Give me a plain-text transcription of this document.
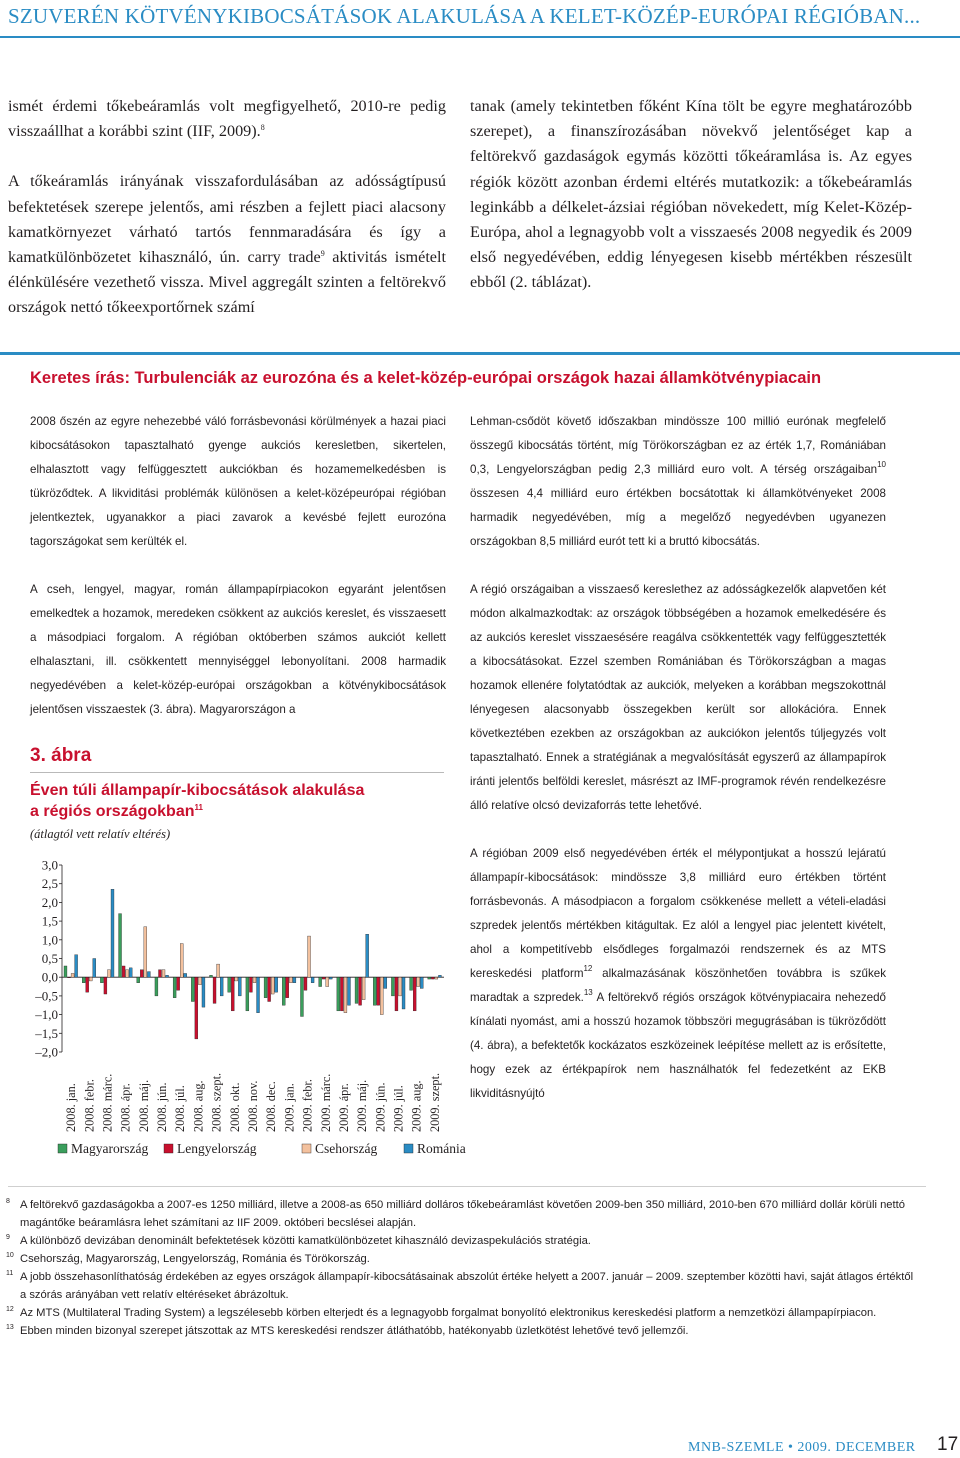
SZUVERÉN KÖTVÉNYKIBOCSÁTÁSOK ALAKULÁSA A KELET-KÖZÉP-EURÓPAI RÉGIÓBAN...

ismét érdemi tőkebeáramlás volt megfigyelhető, 2010-re pedig visszaállhat a korábbi szint (IIF, 2009).$^8$

A tőkeáramlás irányának visszafordulásában az adósságtípusú befektetések szerepe jelentős, ami részben a fejlett piaci alacsony kamatkörnyezet várható tartós fennmaradására és így a kamatkülönbözetet kihasználó, ún. carry trade$^9$ aktivitás ismételt élénkülésére vezethető vissza. Mivel aggregált szinten a feltörekvő országok nettó tőkeexportőrnek számí

tanak (amely tekintetben főként Kína tölt be egyre meghatározóbb szerepet), a finanszírozásában növekvő jelentőséget kap a feltörekvő gazdaságok egymás közötti tőkeáramlása is. Az egyes régiók között azonban érdemi eltérés mutatkozik: a tőkebeáramlás leginkább a délkelet-ázsiai régióban növekedett, míg Kelet-Közép-Európa, ahol a legnagyobb volt a visszaesés 2008 negyedik és 2009 első negyedévében, eddig lényegesen kisebb mértékben részesült ebből (2. táblázat).

Keretes írás: Turbulenciák az eurozóna és a kelet-közép-európai országok hazai államkötvénypiacain

2008 őszén az egyre nehezebbé váló forrásbevonási körülmények a hazai piaci kibocsátásokon tapasztalható gyenge aukciós keresletben, sikertelen, elhalasztott vagy felfüggesztett aukciókban és hozamemelkedésben is tükröződtek. A likviditási problémák különösen a kelet-középeurópai régióban jelentkeztek, ugyanakkor a piaci zavarok a kevésbé fejlett eurozóna tagországokat sem kerülték el.

A cseh, lengyel, magyar, román állampapírpiacokon egyaránt jelentősen emelkedtek a hozamok, meredeken csökkent az aukciós kereslet, és visszaesett a másodpiaci forgalom. A régióban októberben számos aukciót kellett elhalasztani, ill. csökkentett mennyiséggel lebonyolítani. 2008 harmadik negyedévében a kelet-közép-európai országokban a kötvénykibocsátások jelentősen visszaestek (3. ábra). Magyarországon a

Lehman-csődöt követő időszakban mindössze 100 millió eurónak megfelelő összegű kibocsátás történt, míg Törökországban ez az érték 1,7, Romániában 0,3, Lengyelországban pedig 2,3 milliárd euro volt. A térség országaiban$^{10}$ összesen 4,4 milliárd euro értékben bocsátottak ki államkötvényeket 2008 harmadik negyedévében, míg a megelőző negyedévben ugyanezen országokban 8,5 milliárd eurót tett ki a bruttó kibocsátás.

A régió országaiban a visszaeső kereslethez az adósságkezelők alapvetően két módon alkalmazkodtak: az országok többségében a hozamok emelkedésére és az aukciós kereslet visszaesésére reagálva csökkentették vagy felfüggesztették a kibocsátásokat. Ezzel szemben Romániában és Törökországban a magas hozamok ellenére folytatódtak az aukciók, melyeken a korábban megszokottnál lényegesen alacsonyabb összegekben került sor allokációra. Ennek következtében ezekben az országokban az aukciókon jelentős túljegyzés volt tapasztalható. Ennek a stratégiának a megvalósítását egyszerű az állampapírok iránti jelentős belföldi kereslet, másrészt az IMF-programok révén rendelkezésre álló relatíve olcsó devizaforrás tette lehetővé.

A régióban 2009 első negyedévében érték el mélypontjukat a hosszú lejáratú állampapír-kibocsátások: mindössze 3,8 milliárd euro értékben történt forrásbevonás. A másodpiacon a forgalom csökkenése mellett a vételi-eladási szpredek jelentős mértékben kitágultak. Ez alól a lengyel piac jelentett kivételt, ahol a kompetitívebb elsődleges forgalmazói rendszernek és az MTS kereskedési platform$^{12}$ alkalmazásának köszönhetően továbbra is szűkek maradtak a szpredek.$^{13}$ A feltörekvő régiós országok kötvénypiacaira nehezedő kínálati nyomást, ami a hosszú hozamok többszöri megugrásában is tükröződött (4. ábra), a befektetők kockázatos eszközeinek leépítése mellett az is erősítette, hogy ezek az értékpapírok nem használhatók fel fedezetként az EKB likviditásnyújtó

3. ábra
Éven túli állampapír-kibocsátások alakulása
a régiós országokban$^{11}$
(átlagtól vett relatív eltérés)
3,0
2,5
2,0
1,5
1,0
0,5
0,0
–0,5
–1,0
–1,5
–2,0
2008. jan. 2008. febr. 2008. márc. 2008. ápr. 2008. máj. 2008. jún. 2008. júl. 2008. aug. 2008. szept. 2008. okt. 2008. nov. 2008. dec. 2009. jan. 2009. febr. 2009. márc. 2009. ápr. 2009. máj. 2009. jún. 2009. júl. 2009. aug. 2009. szept.
Magyarország Lengyelország	Csehország	Románia
8 A feltörekvő gazdaságokba a 2007-es 1250 milliárd, illetve a 2008-as 650 milliárd dolláros tőkebeáramlást követően 2009-ben 350 milliárd, 2010-ben 670 milliárd dollár körüli nettó magántőke beáramlásra lehet számítani az IIF 2009. októberi becslései alapján.
9 A különböző devizában denominált befektetések közötti kamatkülönbözetet kihasználó devizaspekulációs stratégia.
10 Csehország, Magyarország, Lengyelország, Románia és Törökország.
11 A jobb összehasonlíthatóság érdekében az egyes országok állampapír-kibocsátásainak abszolút értéke helyett a 2007. január – 2009. szeptember közötti havi, saját átlagos értéktől a szórás arányában vett relatív eltéréseket ábrázoltuk.
12 Az MTS (Multilateral Trading System) a legszélesebb körben elterjedt és a legnagyobb forgalmat bonyolító elektronikus kereskedési platform a nemzetközi állampapírpiacon.
13 Ebben minden bizonyal szerepet játszottak az MTS kereskedési rendszer átláthatóbb, hatékonyabb üzletkötést lehetővé tevő jellemzői.
MNB-SZEMLE • 2009. DECEMBER 17
